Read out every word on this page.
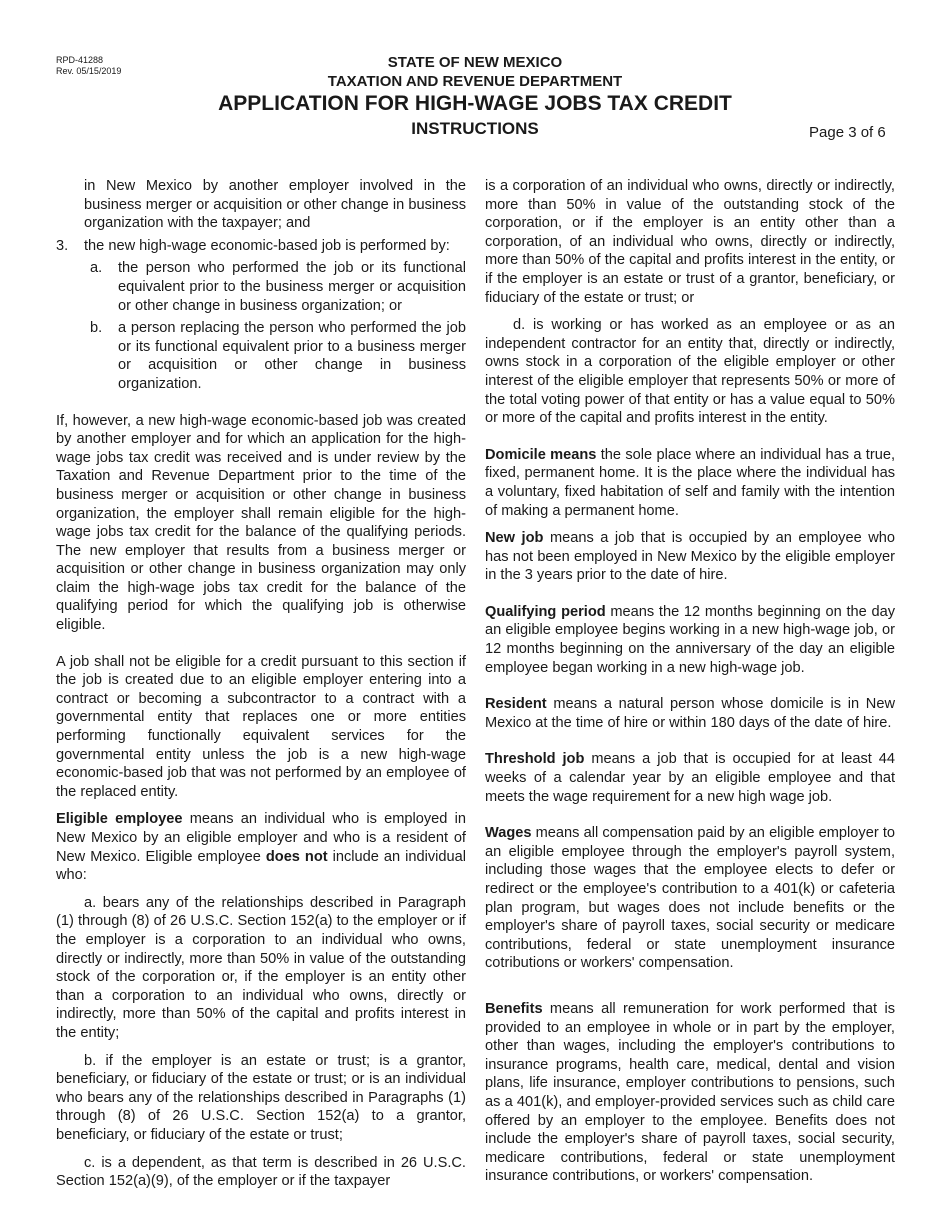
RPD-41288
Rev. 05/15/2019	STATE OF NEW MEXICO
TAXATION AND REVENUE DEPARTMENT
APPLICATION FOR HIGH-WAGE JOBS TAX CREDIT
INSTRUCTIONS	Page 3 of 6

in New Mexico by another employer involved in the business merger or acquisition or other change in business organization with the taxpayer; and

3.	the new high-wage economic-based job is performed by:
a.	the person who performed the job or its functional equivalent prior to the business merger or acquisition or other change in business organization; or
b.	a person replacing the person who performed the job or its functional equivalent prior to a business merger or acquisition or other change in business organization.

If, however, a new high-wage economic-based job was created by another employer and for which an application for the high-wage jobs tax credit was received and is under review by the Taxation and Revenue Department prior to the time of the business merger or acquisition or other change in business organization, the employer shall remain eligible for the high-wage jobs tax credit for the balance of the qualifying periods. The new employer that results from a business merger or acquisition or other change in business organization may only claim the high-wage jobs tax credit for the balance of the qualifying period for which the qualifying job is otherwise eligible.

A job shall not be eligible for a credit pursuant to this section if the job is created due to an eligible employer entering into a contract or becoming a subcontractor to a contract with a governmental entity that replaces one or more entities performing functionally equivalent services for the governmental entity unless the job is a new high-wage economic-based job that was not performed by an employee of the replaced entity.

Eligible employee means an individual who is employed in New Mexico by an eligible employer and who is a resident of New Mexico. Eligible employee does not include an individual who:

a. bears any of the relationships described in Paragraph (1) through (8) of 26 U.S.C. Section 152(a) to the employer or if the employer is a corporation to an individual who owns, directly or indirectly, more than 50% in value of the outstanding stock of the corporation or, if the employer is an entity other than a corporation to an individual who owns, directly or indirectly, more than 50% of the capital and profits interest in the entity;

b. if the employer is an estate or trust; is a grantor, beneficiary, or fiduciary of the estate or trust; or is an individual who bears any of the relationships described in Paragraphs (1) through (8) of 26 U.S.C. Section 152(a) to a grantor, beneficiary, or fiduciary of the estate or trust;

c. is a dependent, as that term is described in 26 U.S.C. Section 152(a)(9), of the employer or if the taxpayer

is a corporation of an individual who owns, directly or indirectly, more than 50% in value of the outstanding stock of the corporation, or if the employer is an entity other than a corporation, of an individual who owns, directly or indirectly, more than 50% of the capital and profits interest in the entity, or if the employer is an estate or trust of a grantor, beneficiary, or fiduciary of the estate or trust; or

d. is working or has worked as an employee or as an independent contractor for an entity that, directly or indirectly, owns stock in a corporation of the eligible employer or other interest of the eligible employer that represents 50% or more of the total voting power of that entity or has a value equal to 50% or more of the capital and profits interest in the entity.

Domicile means the sole place where an individual has a true, fixed, permanent home. It is the place where the individual has a voluntary, fixed habitation of self and family with the intention of making a permanent home.

New job means a job that is occupied by an employee who has not been employed in New Mexico by the eligible employer in the 3 years prior to the date of hire.

Qualifying period means the 12 months beginning on the day an eligible employee begins working in a new high-wage job, or 12 months beginning on the anniversary of the day an eligible employee began working in a new high-wage job.

Resident means a natural person whose domicile is in New Mexico at the time of hire or within 180 days of the date of hire.

Threshold job means a job that is occupied for at least 44 weeks of a calendar year by an eligible employee and that meets the wage requirement for a new high wage job.

Wages means all compensation paid by an eligible employer to an eligible employee through the employer's payroll system, including those wages that the employee elects to defer or redirect or the employee's contribution to a 401(k) or cafeteria plan program, but wages does not include benefits or the employer's share of payroll taxes, social security or medicare contributions, federal or state unemployment insurance cotributions or workers' compensation.

Benefits means all remuneration for work performed that is provided to an employee in whole or in part by the employer, other than wages, including the employer's contributions to insurance programs, health care, medical, dental and vision plans, life insurance, employer contributions to pensions, such as a 401(k), and employer-provided services such as child care offered by an employer to the employee. Benefits does not include the employer's share of payroll taxes, social security, medicare contributions, federal or state unemployment insurance contributions, or workers' compensation.
